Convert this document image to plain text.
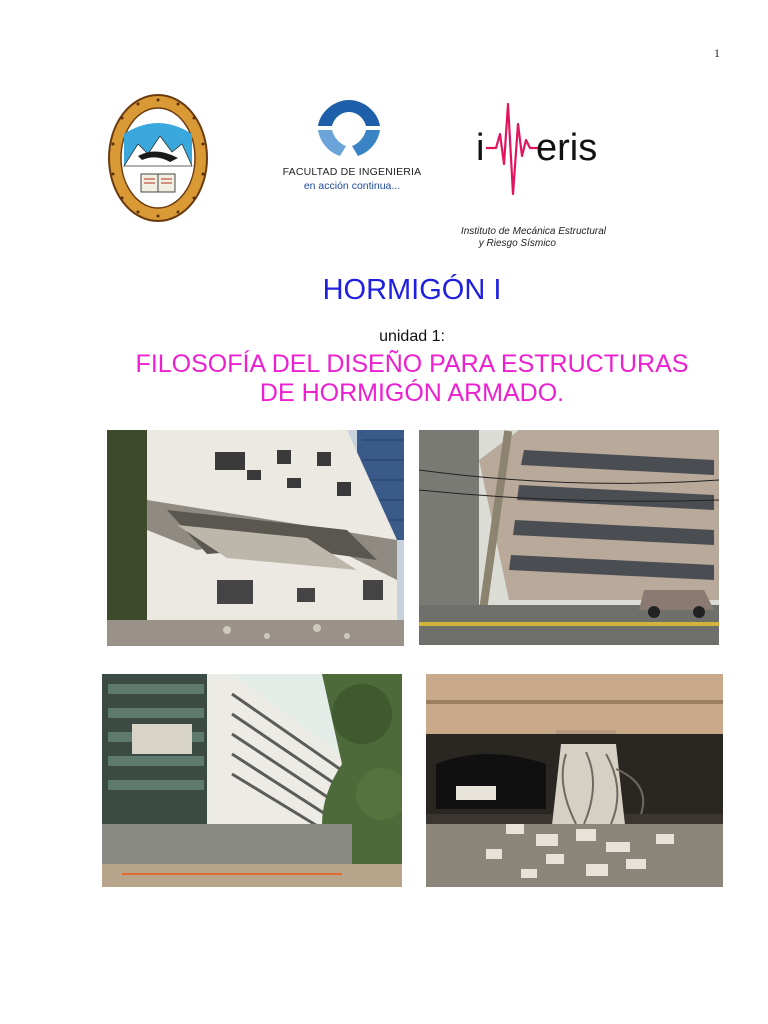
1
FACULTAD DE INGENIERIA
en acción continua...
i eris
Instituto de Mecánica Estructural
y Riesgo Sísmico
HORMIGÓN I
unidad 1:
FILOSOFÍA DEL DISEÑO PARA ESTRUCTURAS
DE HORMIGÓN ARMADO.
